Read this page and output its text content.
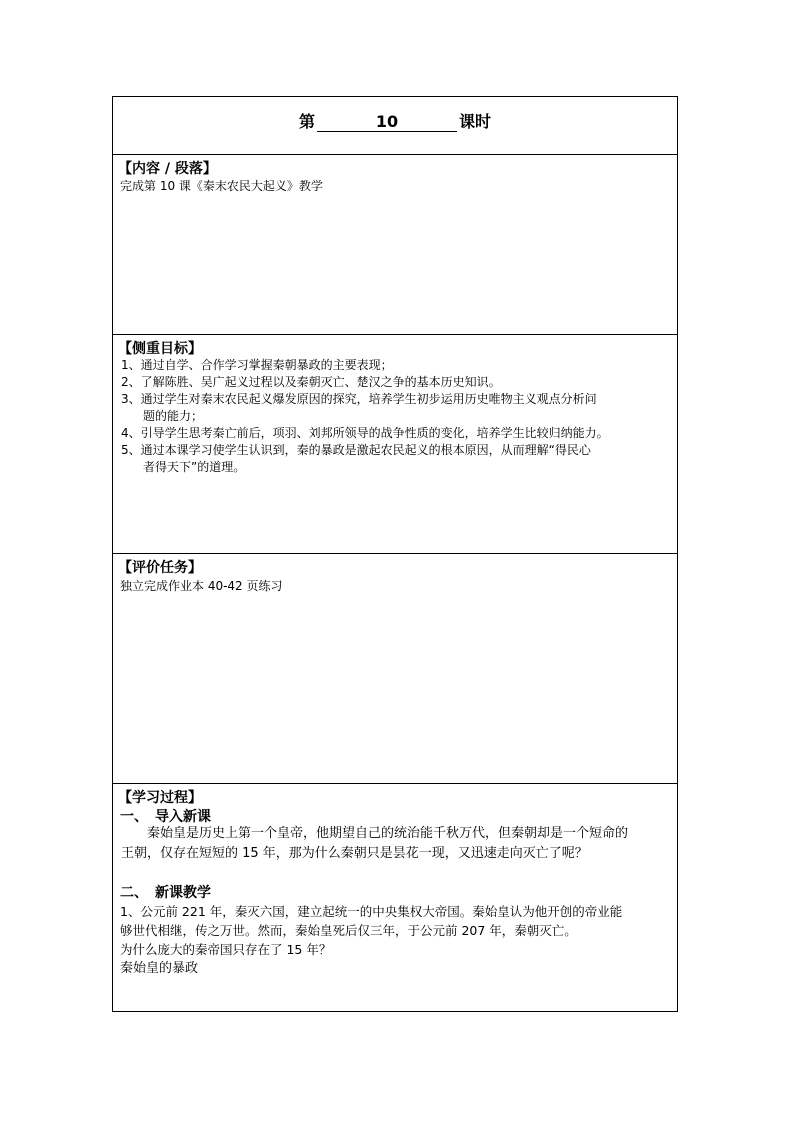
第	10	课时
【内容 / 段落】
完成第 10 课《秦末农民大起义》教学
【侧重目标】
1、通过自学、合作学习掌握秦朝暴政的主要表现；
2、了解陈胜、吴广起义过程以及秦朝灭亡、楚汉之争的基本历史知识。
3、通过学生对秦末农民起义爆发原因的探究，培养学生初步运用历史唯物主义观点分析问
题的能力；
4、引导学生思考秦亡前后，项羽、刘邦所领导的战争性质的变化，培养学生比较归纳能力。
5、通过本课学习使学生认识到，秦的暴政是激起农民起义的根本原因，从而理解“得民心
者得天下”的道理。
【评价任务】
独立完成作业本 40-42 页练习
【学习过程】
一、　导入新课
秦始皇是历史上第一个皇帝，他期望自己的统治能千秋万代，但秦朝却是一个短命的
王朝，仅存在短短的 15 年，那为什么秦朝只是昙花一现，又迅速走向灭亡了呢？
二、　新课教学
1、公元前 221 年，秦灭六国，建立起统一的中央集权大帝国。秦始皇认为他开创的帝业能
够世代相继，传之万世。然而，秦始皇死后仅三年，于公元前 207 年，秦朝灭亡。
为什么庞大的秦帝国只存在了 15 年？
秦始皇的暴政
